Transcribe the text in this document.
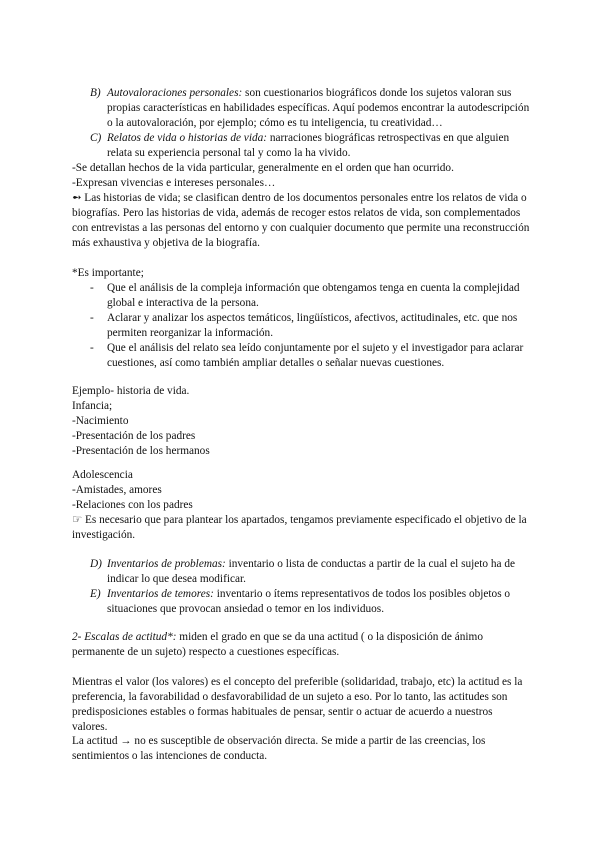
B) Autovaloraciones personales: son cuestionarios biográficos donde los sujetos valoran sus propias características en habilidades específicas. Aquí podemos encontrar la autodescripción o la autovaloración, por ejemplo; cómo es tu inteligencia, tu creatividad…
C) Relatos de vida o historias de vida: narraciones biográficas retrospectivas en que alguien relata su experiencia personal tal y como la ha vivido.
-Se detallan hechos de la vida particular, generalmente en el orden que han ocurrido.
-Expresan vivencias e intereses personales…
➻ Las historias de vida; se clasifican dentro de los documentos personales entre los relatos de vida o biografías. Pero las historias de vida, además de recoger estos relatos de vida, son complementados con entrevistas a las personas del entorno y con cualquier documento que permite una reconstrucción más exhaustiva y objetiva de la biografía.
*Es importante;
- Que el análisis de la compleja información que obtengamos tenga en cuenta la complejidad global e interactiva de la persona.
- Aclarar y analizar los aspectos temáticos, lingüísticos, afectivos, actitudinales, etc. que nos permiten reorganizar la información.
- Que el análisis del relato sea leído conjuntamente por el sujeto y el investigador para aclarar cuestiones, así como también ampliar detalles o señalar nuevas cuestiones.
Ejemplo- historia de vida.
Infancia;
-Nacimiento
-Presentación de los padres
-Presentación de los hermanos
Adolescencia
-Amistades, amores
-Relaciones con los padres
☞ Es necesario que para plantear los apartados, tengamos previamente especificado el objetivo de la investigación.
D) Inventarios de problemas: inventario o lista de conductas a partir de la cual el sujeto ha de indicar lo que desea modificar.
E) Inventarios de temores: inventario o ítems representativos de todos los posibles objetos o situaciones que provocan ansiedad o temor en los individuos.
2- Escalas de actitud*: miden el grado en que se da una actitud ( o la disposición de ánimo permanente de un sujeto) respecto a cuestiones específicas.
Mientras el valor (los valores) es el concepto del preferible (solidaridad, trabajo, etc) la actitud es la preferencia, la favorabilidad o desfavorabilidad de un sujeto a eso. Por lo tanto, las actitudes son predisposiciones estables o formas habituales de pensar, sentir o actuar de acuerdo a nuestros valores.
La actitud → no es susceptible de observación directa. Se mide a partir de las creencias, los sentimientos o las intenciones de conducta.
